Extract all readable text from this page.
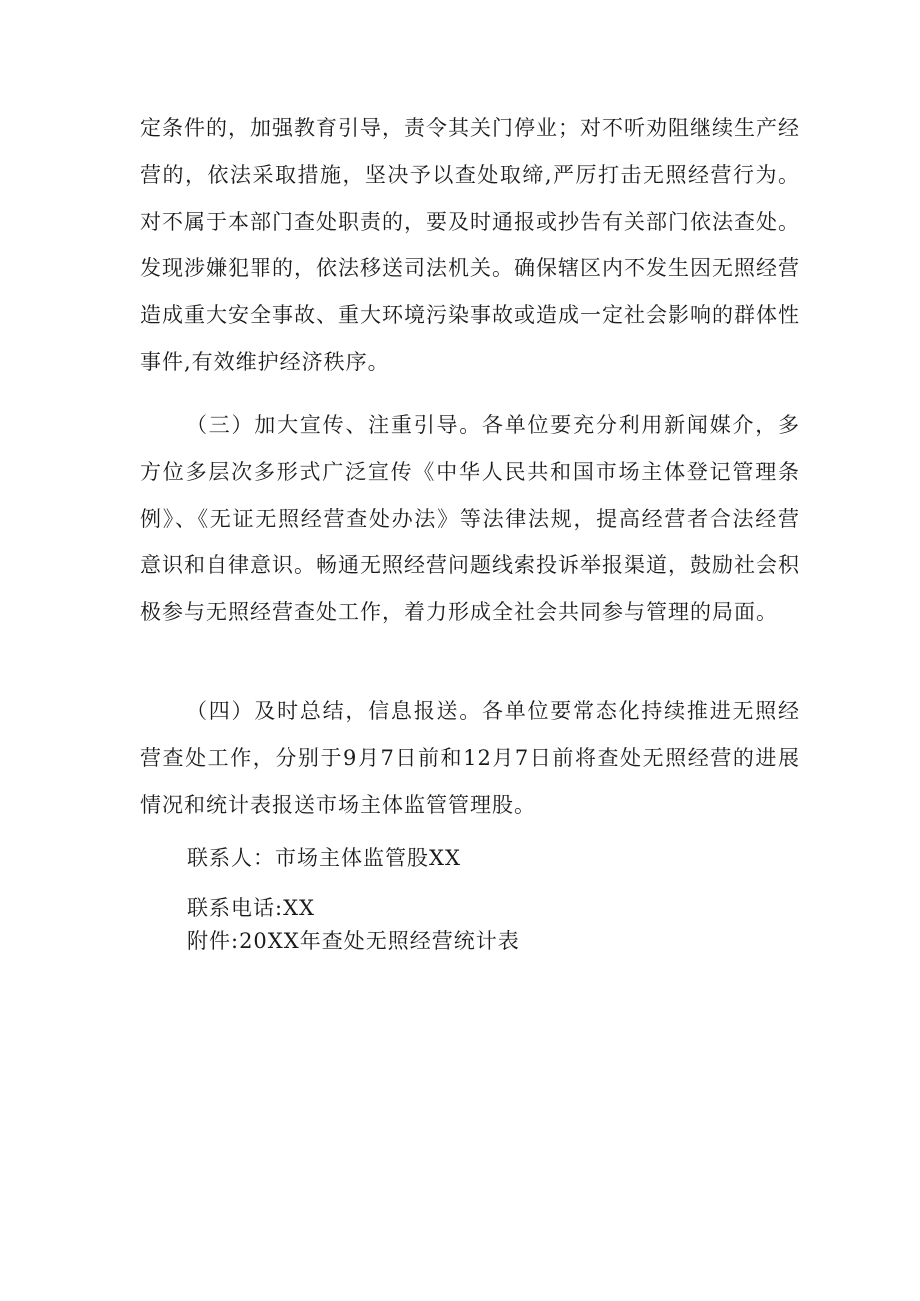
定条件的，加强教育引导，责令其关门停业；对不听劝阻继续生产经营的，依法采取措施，坚决予以查处取缔,严厉打击无照经营行为。对不属于本部门查处职责的，要及时通报或抄告有关部门依法查处。发现涉嫌犯罪的，依法移送司法机关。确保辖区内不发生因无照经营造成重大安全事故、重大环境污染事故或造成一定社会影响的群体性事件,有效维护经济秩序。

（三）加大宣传、注重引导。各单位要充分利用新闻媒介，多方位多层次多形式广泛宣传《中华人民共和国市场主体登记管理条例》、《无证无照经营查处办法》等法律法规，提高经营者合法经营意识和自律意识。畅通无照经营问题线索投诉举报渠道，鼓励社会积极参与无照经营查处工作，着力形成全社会共同参与管理的局面。

（四）及时总结，信息报送。各单位要常态化持续推进无照经营查处工作，分别于9月7日前和12月7日前将查处无照经营的进展情况和统计表报送市场主体监管管理股。

联系人：市场主体监管股XX

联系电话:XX

附件:20XX年查处无照经营统计表
